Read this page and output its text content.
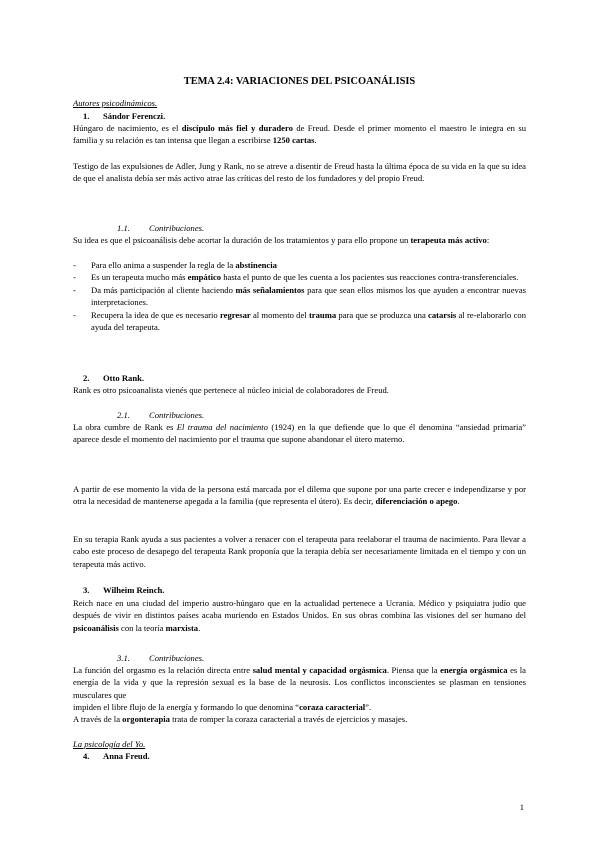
TEMA 2.4: VARIACIONES DEL PSICOANÁLISIS

Autores psicodinámicos.

1. Sándor Ferenczi.

Húngaro de nacimiento, es el discípulo más fiel y duradero de Freud. Desde el primer momento el maestro le integra en su familia y su relación es tan intensa que llegan a escribirse 1250 cartas.

Testigo de las expulsiones de Adler, Jung y Rank, no se atreve a disentir de Freud hasta la última época de su vida en la que su idea de que el analista debía ser más activo atrae las críticas del resto de los fundadores y del propio Freud.

1.1. Contribuciones.

Su idea es que el psicoanálisis debe acortar la duración de los tratamientos y para ello propone un terapeuta más activo:

- Para ello anima a suspender la regla de la abstinencia
- Es un terapeuta mucho más empático hasta el punto de que les cuenta a los pacientes sus reacciones contra-transferenciales.
- Da más participación al cliente haciendo más señalamientos para que sean ellos mismos los que ayuden a encontrar nuevas interpretaciones.
- Recupera la idea de que es necesario regresar al momento del trauma para que se produzca una catarsis al re-elaborarlo con ayuda del terapeuta.

2. Otto Rank.

Rank es otro psicoanalista vienés que pertenece al núcleo inicial de colaboradores de Freud.

2.1. Contribuciones.

La obra cumbre de Rank es El trauma del nacimiento (1924) en la que defiende que lo que él denomina “ansiedad primaria” aparece desde el momento del nacimiento por el trauma que supone abandonar el útero materno.

A partir de ese momento la vida de la persona está marcada por el dilema que supone por una parte crecer e independizarse y por otra la necesidad de mantenerse apegada a la familia (que representa el útero). Es decir, diferenciación o apego.

En su terapia Rank ayuda a sus pacientes a volver a renacer con el terapeuta para reelaborar el trauma de nacimiento. Para llevar a cabo este proceso de desapego del terapeuta Rank proponía que la terapia debía ser necesariamente limitada en el tiempo y con un terapeuta más activo.

3. Wilheim Reinch.

Reich nace en una ciudad del imperio austro-húngaro que en la actualidad pertenece a Ucrania. Médico y psiquiatra judío que después de vivir en distintos países acaba muriendo en Estados Unidos. En sus obras combina las visiones del ser humano del psicoanálisis con la teoría marxista.

3.1. Contribuciones.

La función del orgasmo es la relación directa entre salud mental y capacidad orgásmica. Piensa que la energía orgásmica es la energía de la vida y que la represión sexual es la base de la neurosis. Los conflictos inconscientes se plasman en tensiones musculares que

impiden el libre flujo de la energía y formando lo que denomina “coraza caracterial”.

A través de la orgonterapia trata de romper la coraza caracterial a través de ejercicios y masajes.

La psicología del Yo.

4. Anna Freud.

1
